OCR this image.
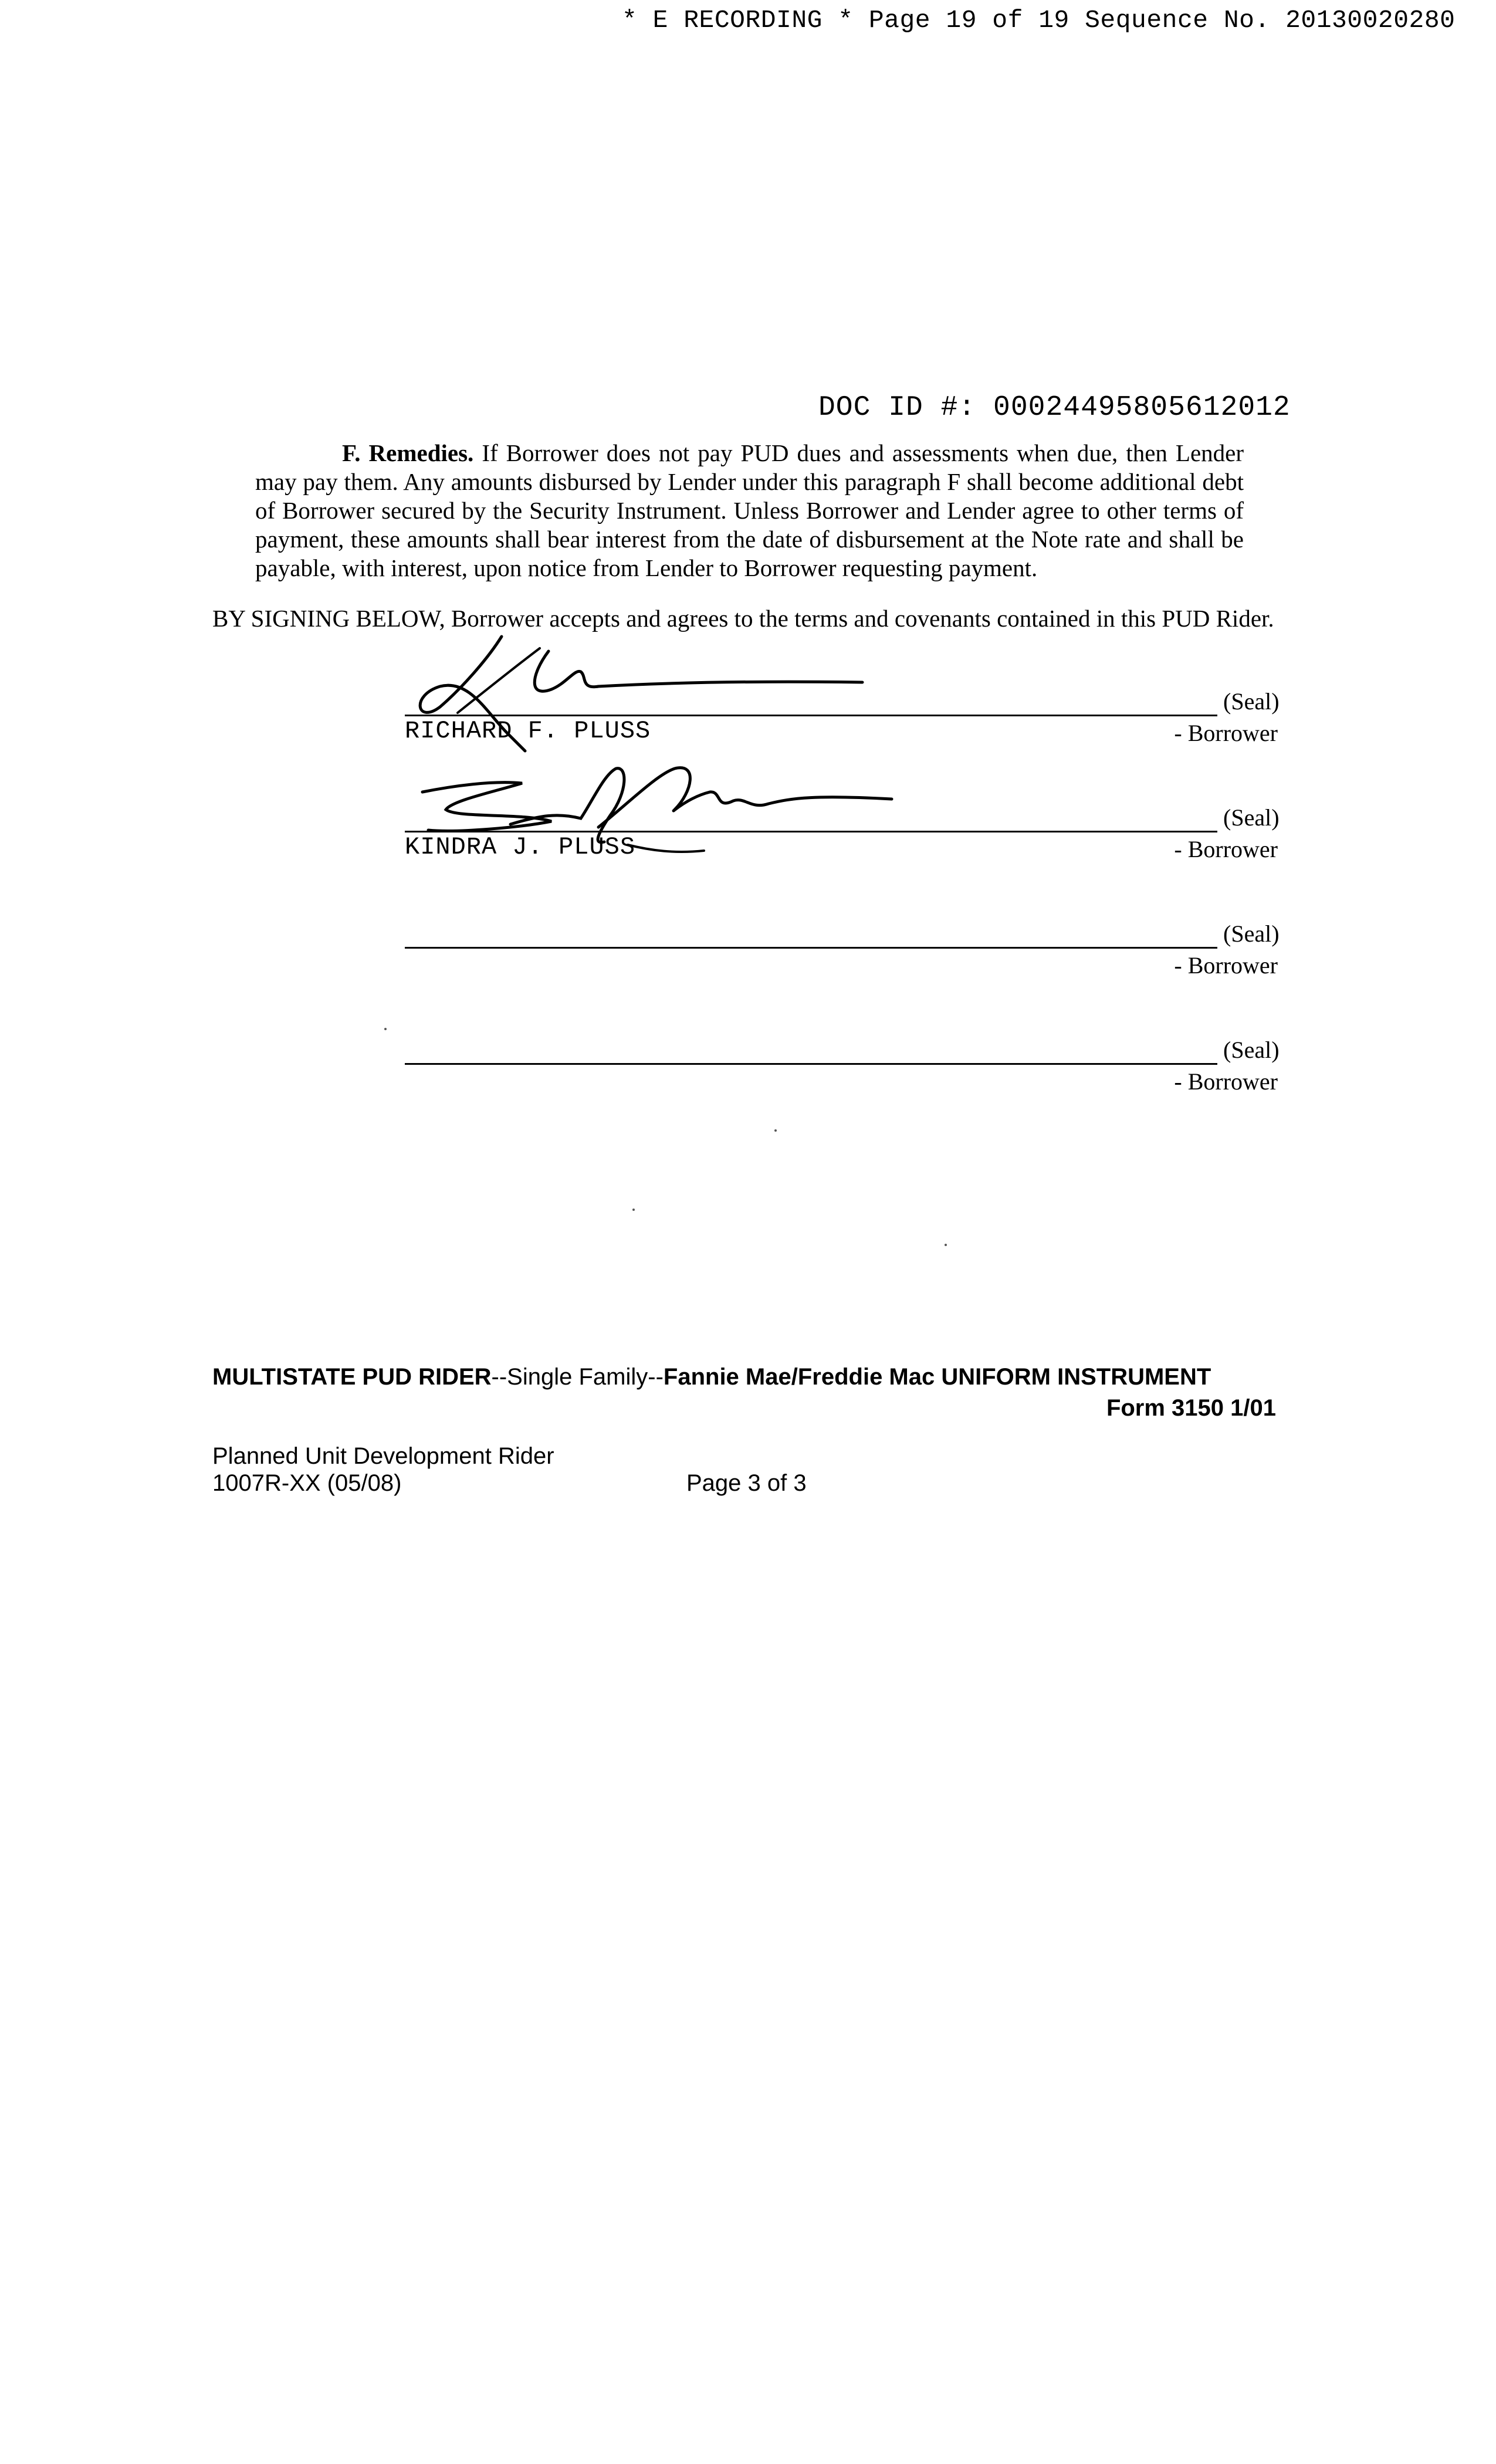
* E RECORDING * Page 19 of 19 Sequence No. 20130020280
DOC ID #: 00024495805612012
F. Remedies. If Borrower does not pay PUD dues and assessments when due, then Lender may pay them. Any amounts disbursed by Lender under this paragraph F shall become additional debt of Borrower secured by the Security Instrument. Unless Borrower and Lender agree to other terms of payment, these amounts shall bear interest from the date of disbursement at the Note rate and shall be payable, with interest, upon notice from Lender to Borrower requesting payment.
BY SIGNING BELOW, Borrower accepts and agrees to the terms and covenants contained in this PUD Rider.
(Seal)
RICHARD F. PLUSS	- Borrower
(Seal)
KINDRA J. PLUSS	- Borrower
(Seal)
- Borrower
(Seal)
- Borrower
MULTISTATE PUD RIDER--Single Family--Fannie Mae/Freddie Mac UNIFORM INSTRUMENT
Form 3150 1/01
Planned Unit Development Rider
1007R-XX (05/08)	Page 3 of 3
